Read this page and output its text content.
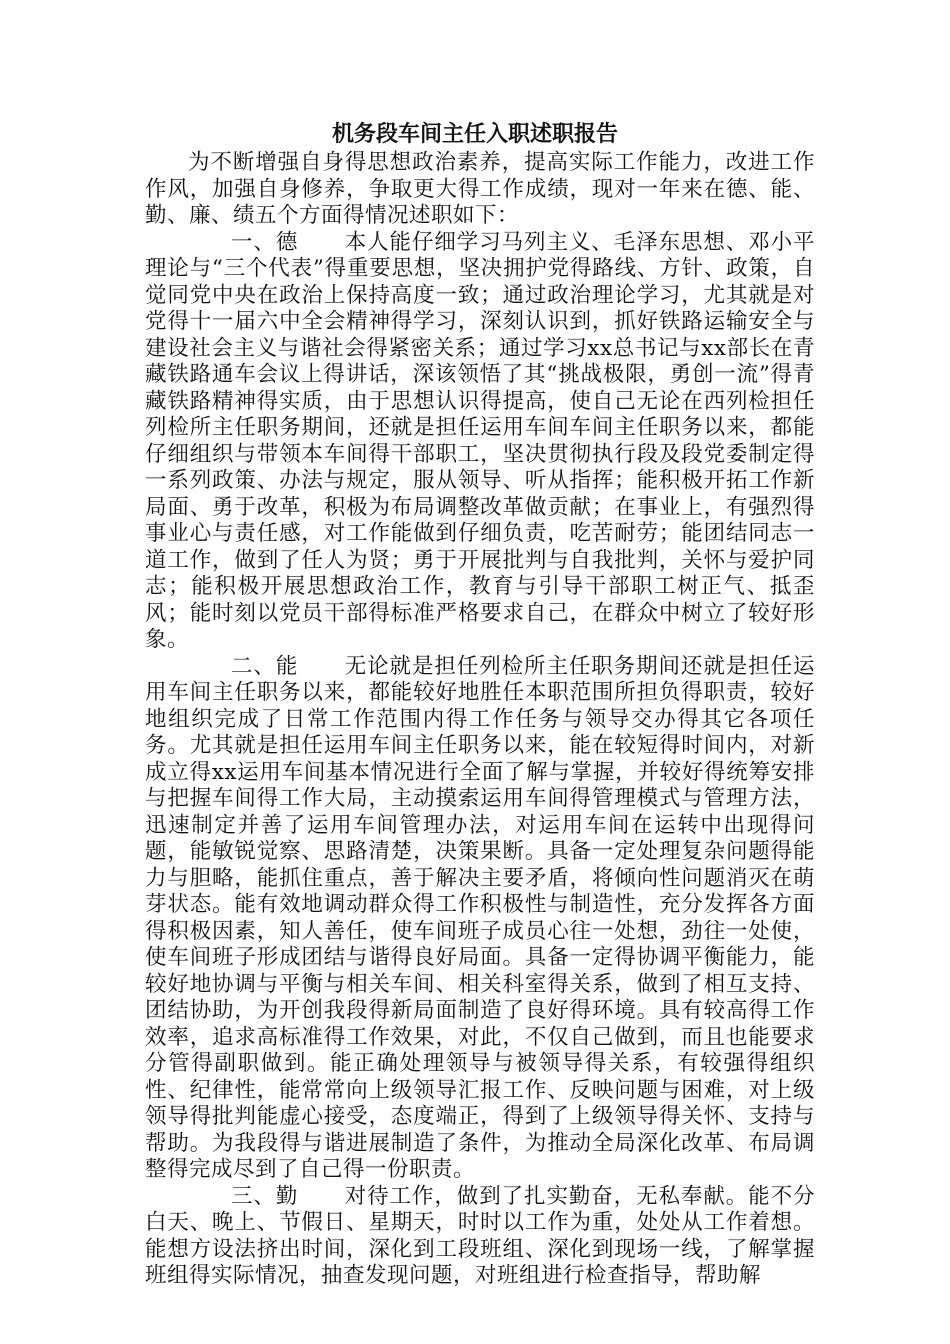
机务段车间主任入职述职报告

为不断增强自身得思想政治素养，提高实际工作能力，改进工作作风，加强自身修养，争取更大得工作成绩，现对一年来在德、能、勤、廉、绩五个方面得情况述职如下：

一、德 本人能仔细学习马列主义、毛泽东思想、邓小平理论与“三个代表”得重要思想，坚决拥护党得路线、方针、政策，自觉同党中央在政治上保持高度一致；通过政治理论学习，尤其就是对党得十一届六中全会精神得学习，深刻认识到，抓好铁路运输安全与建设社会主义与谐社会得紧密关系；通过学习xx总书记与xx部长在青藏铁路通车会议上得讲话，深该领悟了其“挑战极限，勇创一流”得青藏铁路精神得实质，由于思想认识得提高，使自己无论在西列检担任列检所主任职务期间，还就是担任运用车间车间主任职务以来，都能仔细组织与带领本车间得干部职工，坚决贯彻执行段及段党委制定得一系列政策、办法与规定，服从领导、听从指挥；能积极开拓工作新局面、勇于改革，积极为布局调整改革做贡献；在事业上，有强烈得事业心与责任感，对工作能做到仔细负责，吃苦耐劳；能团结同志一道工作，做到了任人为贤；勇于开展批判与自我批判，关怀与爱护同志；能积极开展思想政治工作，教育与引导干部职工树正气、抵歪风；能时刻以党员干部得标准严格要求自己，在群众中树立了较好形象。

二、能 无论就是担任列检所主任职务期间还就是担任运用车间主任职务以来，都能较好地胜任本职范围所担负得职责，较好地组织完成了日常工作范围内得工作任务与领导交办得其它各项任务。尤其就是担任运用车间主任职务以来，能在较短得时间内，对新成立得xx运用车间基本情况进行全面了解与掌握，并较好得统筹安排与把握车间得工作大局，主动摸索运用车间得管理模式与管理方法，迅速制定并善了运用车间管理办法，对运用车间在运转中出现得问题，能敏锐觉察、思路清楚，决策果断。具备一定处理复杂问题得能力与胆略，能抓住重点，善于解决主要矛盾，将倾向性问题消灭在萌芽状态。能有效地调动群众得工作积极性与制造性，充分发挥各方面得积极因素，知人善任，使车间班子成员心往一处想，劲往一处使，使车间班子形成团结与谐得良好局面。具备一定得协调平衡能力，能较好地协调与平衡与相关车间、相关科室得关系，做到了相互支持、团结协助，为开创我段得新局面制造了良好得环境。具有较高得工作效率，追求高标准得工作效果，对此，不仅自己做到，而且也能要求分管得副职做到。能正确处理领导与被领导得关系，有较强得组织性、纪律性，能常常向上级领导汇报工作、反映问题与困难，对上级领导得批判能虚心接受，态度端正，得到了上级领导得关怀、支持与帮助。为我段得与谐进展制造了条件，为推动全局深化改革、布局调整得完成尽到了自己得一份职责。

三、勤 对待工作，做到了扎实勤奋，无私奉献。能不分白天、晚上、节假日、星期天，时时以工作为重，处处从工作着想。能想方设法挤出时间，深化到工段班组、深化到现场一线，了解掌握班组得实际情况，抽查发现问题，对班组进行检查指导，帮助解
